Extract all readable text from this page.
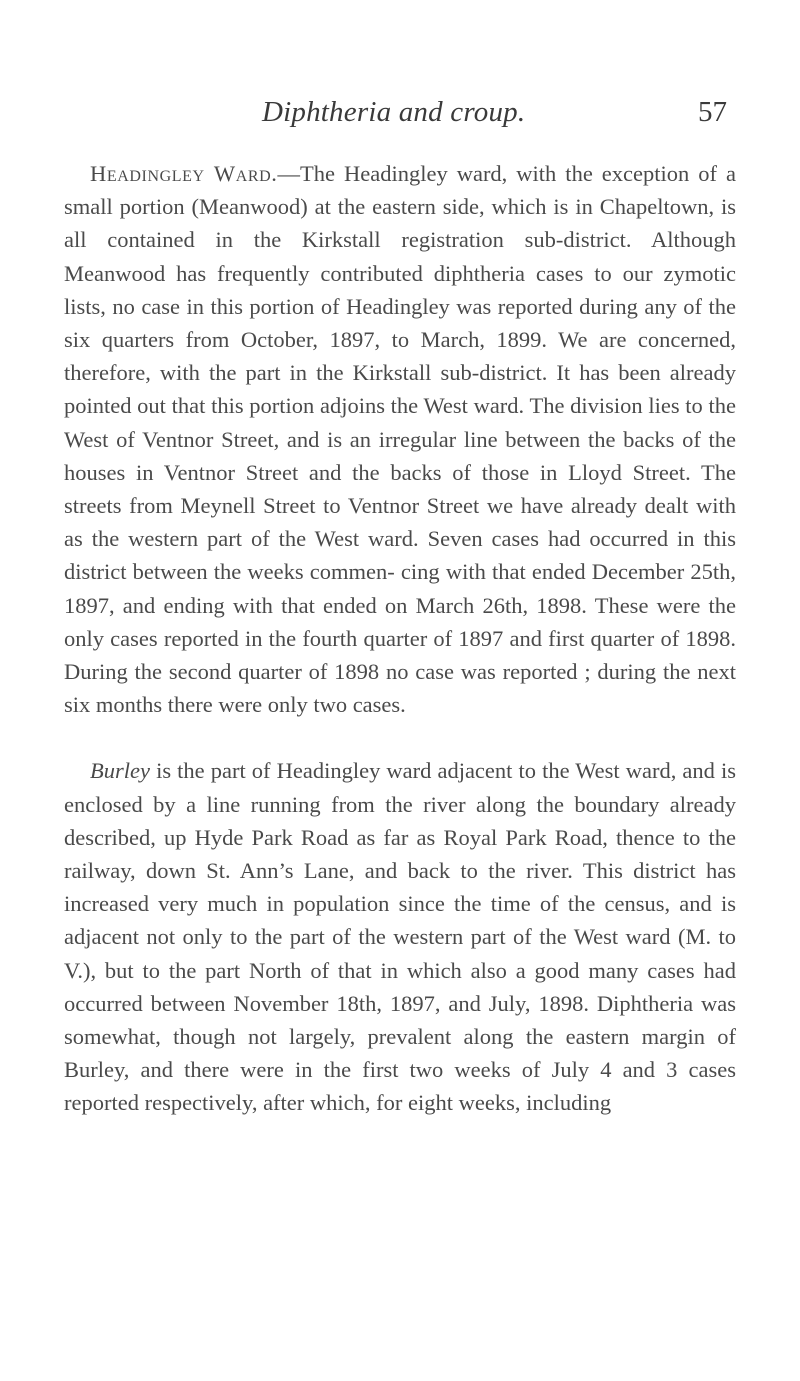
Diphtheria and croup.	57

Headingley Ward.—The Headingley ward, with the exception of a small portion (Meanwood) at the eastern side, which is in Chapeltown, is all contained in the Kirkstall registration sub-district. Although Meanwood has frequently contributed diphtheria cases to our zymotic lists, no case in this portion of Headingley was reported during any of the six quarters from October, 1897, to March, 1899. We are concerned, therefore, with the part in the Kirkstall sub-district. It has been already pointed out that this portion adjoins the West ward. The division lies to the West of Ventnor Street, and is an irregular line between the backs of the houses in Ventnor Street and the backs of those in Lloyd Street. The streets from Meynell Street to Ventnor Street we have already dealt with as the western part of the West ward. Seven cases had occurred in this district between the weeks commen- cing with that ended December 25th, 1897, and ending with that ended on March 26th, 1898. These were the only cases reported in the fourth quarter of 1897 and first quarter of 1898. During the second quarter of 1898 no case was reported ; during the next six months there were only two cases.

Burley is the part of Headingley ward adjacent to the West ward, and is enclosed by a line running from the river along the boundary already described, up Hyde Park Road as far as Royal Park Road, thence to the railway, down St. Ann’s Lane, and back to the river. This district has increased very much in population since the time of the census, and is adjacent not only to the part of the western part of the West ward (M. to V.), but to the part North of that in which also a good many cases had occurred between November 18th, 1897, and July, 1898. Diphtheria was somewhat, though not largely, prevalent along the eastern margin of Burley, and there were in the first two weeks of July 4 and 3 cases reported respectively, after which, for eight weeks, including
